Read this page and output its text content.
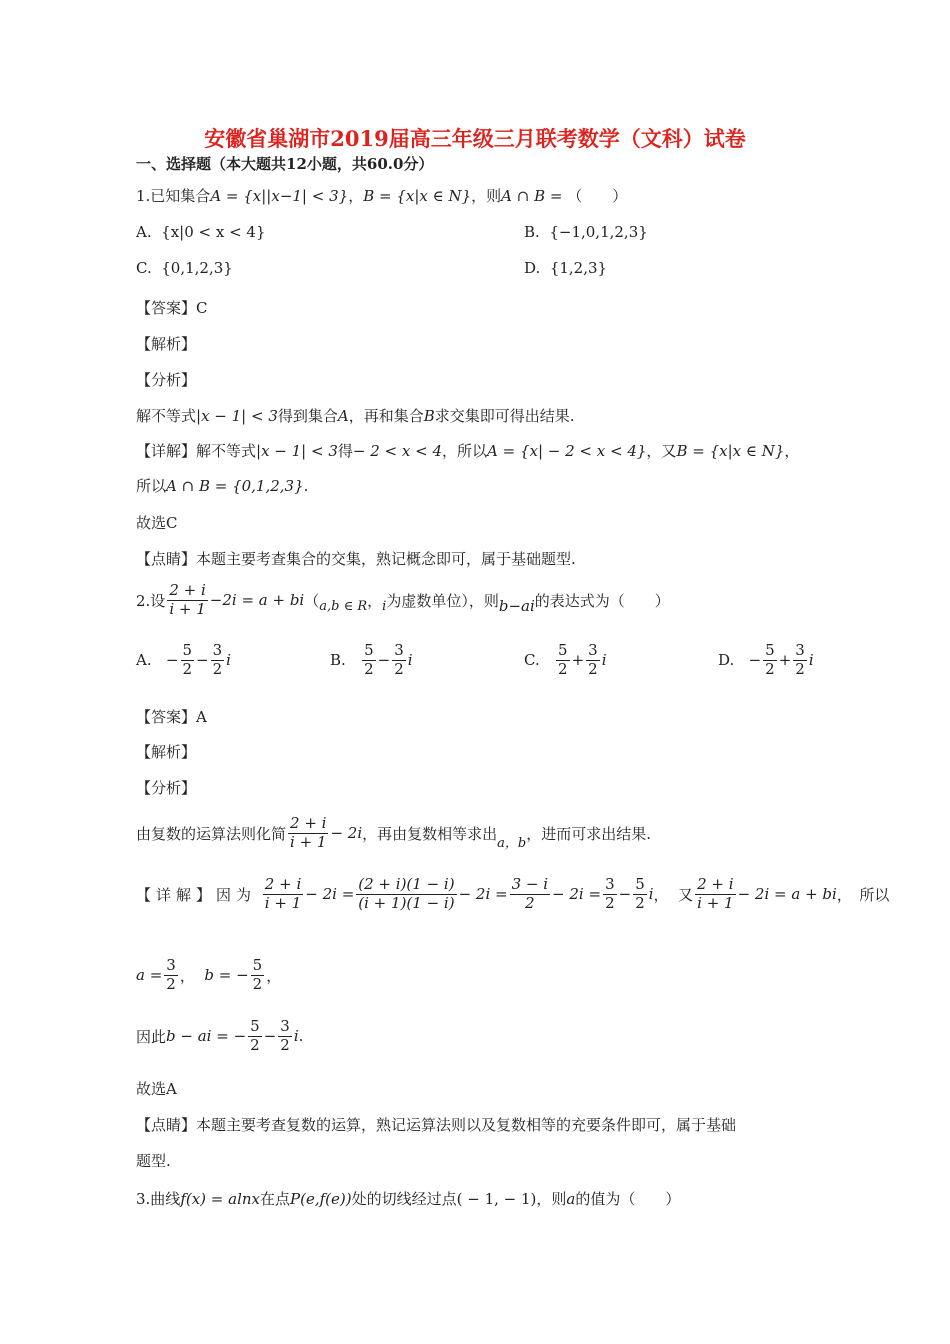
安徽省巢湖市2019届高三年级三月联考数学（文科）试卷
一、选择题（本大题共12小题，共60.0分）
1.已知集合A = {x||x−1| < 3}，B = {x|x ∈ N}，则A ∩ B = （　　）
A. {x|0 < x < 4}	B. {−1,0,1,2,3}
C. {0,1,2,3}	D. {1,2,3}
【答案】C
【解析】
【分析】
解不等式|x − 1| < 3得到集合A，再和集合B求交集即可得出结果.
【详解】解不等式|x − 1| < 3得− 2 < x < 4，所以A = {x| − 2 < x < 4}，又B = {x|x ∈ N}，
所以A ∩ B = {0,1,2,3}.
故选C
【点睛】本题主要考查集合的交集，熟记概念即可，属于基础题型.
2.设 $\frac{2 + i}{i + 1} -2i = a$ + bi （ a,b ∈ R ， i 为虚数单位），则 b−ai 的表达式为（　　）
A.
− $\frac{5}{2} - \frac{3}{2}$ i	B.
$\frac{5}{2} - \frac{3}{2}$ i	C.
$\frac{5}{2} + \frac{3}{2}$ i	D.
− $\frac{5}{2} + \frac{3}{2}$ i
【答案】A
【解析】
【分析】
由复数的运算法则化简 $\frac{2 + i}{i + 1} - 2i$ ，再由复数相等求出
a，b
，进而可求出结果.
【详解】因为
$\frac{2 + i}{i + 1} - 2i = \frac{(2 + i)(1 - i)}{(i + 1)(1 - i)} - 2i = \frac{3 - i}{2} - 2i = \frac{3}{2} - \frac{5}{2}$ i ，
又 $\frac{2 + i}{i + 1} - 2i = a$ + bi ，　所以
$a = \frac{3}{2}$ ，
b = − $\frac{5}{2}$ ，
因此 b − ai = − $\frac{5}{2} - \frac{3}{2}$ i .
故选A
【点睛】本题主要考查复数的运算，熟记运算法则以及复数相等的充要条件即可，属于基础
题型.
3.曲线f(x) = alnx在点P(e,f(e))处的切线经过点( − 1, − 1)，则a的值为（　　）
